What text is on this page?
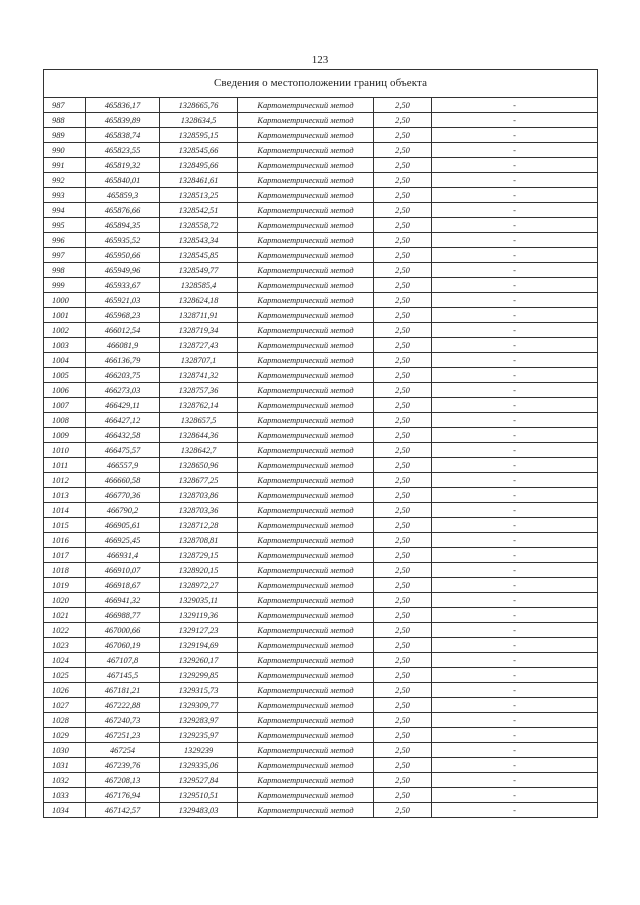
123
Сведения о местоположении границ объекта					
987	465836,17	1328665,76	Картометрический метод	2,50	-
988	465839,89	1328634,5	Картометрический метод	2,50	-
989	465838,74	1328595,15	Картометрический метод	2,50	-
990	465823,55	1328545,66	Картометрический метод	2,50	-
991	465819,32	1328495,66	Картометрический метод	2,50	-
992	465840,01	1328461,61	Картометрический метод	2,50	-
993	465859,3	1328513,25	Картометрический метод	2,50	-
994	465876,66	1328542,51	Картометрический метод	2,50	-
995	465894,35	1328558,72	Картометрический метод	2,50	-
996	465935,52	1328543,34	Картометрический метод	2,50	-
997	465950,66	1328545,85	Картометрический метод	2,50	-
998	465949,96	1328549,77	Картометрический метод	2,50	-
999	465933,67	1328585,4	Картометрический метод	2,50	-
1000	465921,03	1328624,18	Картометрический метод	2,50	-
1001	465968,23	1328711,91	Картометрический метод	2,50	-
1002	466012,54	1328719,34	Картометрический метод	2,50	-
1003	466081,9	1328727,43	Картометрический метод	2,50	-
1004	466136,79	1328707,1	Картометрический метод	2,50	-
1005	466203,75	1328741,32	Картометрический метод	2,50	-
1006	466273,03	1328757,36	Картометрический метод	2,50	-
1007	466429,11	1328762,14	Картометрический метод	2,50	-
1008	466427,12	1328657,5	Картометрический метод	2,50	-
1009	466432,58	1328644,36	Картометрический метод	2,50	-
1010	466475,57	1328642,7	Картометрический метод	2,50	-
1011	466557,9	1328650,96	Картометрический метод	2,50	-
1012	466660,58	1328677,25	Картометрический метод	2,50	-
1013	466770,36	1328703,86	Картометрический метод	2,50	-
1014	466790,2	1328703,36	Картометрический метод	2,50	-
1015	466905,61	1328712,28	Картометрический метод	2,50	-
1016	466925,45	1328708,81	Картометрический метод	2,50	-
1017	466931,4	1328729,15	Картометрический метод	2,50	-
1018	466910,07	1328920,15	Картометрический метод	2,50	-
1019	466918,67	1328972,27	Картометрический метод	2,50	-
1020	466941,32	1329035,11	Картометрический метод	2,50	-
1021	466988,77	1329119,36	Картометрический метод	2,50	-
1022	467000,66	1329127,23	Картометрический метод	2,50	-
1023	467060,19	1329194,69	Картометрический метод	2,50	-
1024	467107,8	1329260,17	Картометрический метод	2,50	-
1025	467145,5	1329299,85	Картометрический метод	2,50	-
1026	467181,21	1329315,73	Картометрический метод	2,50	-
1027	467222,88	1329309,77	Картометрический метод	2,50	-
1028	467240,73	1329283,97	Картометрический метод	2,50	-
1029	467251,23	1329235,97	Картометрический метод	2,50	-
1030	467254	1329239	Картометрический метод	2,50	-
1031	467239,76	1329335,06	Картометрический метод	2,50	-
1032	467208,13	1329527,84	Картометрический метод	2,50	-
1033	467176,94	1329510,51	Картометрический метод	2,50	-
1034	467142,57	1329483,03	Картометрический метод	2,50	-
